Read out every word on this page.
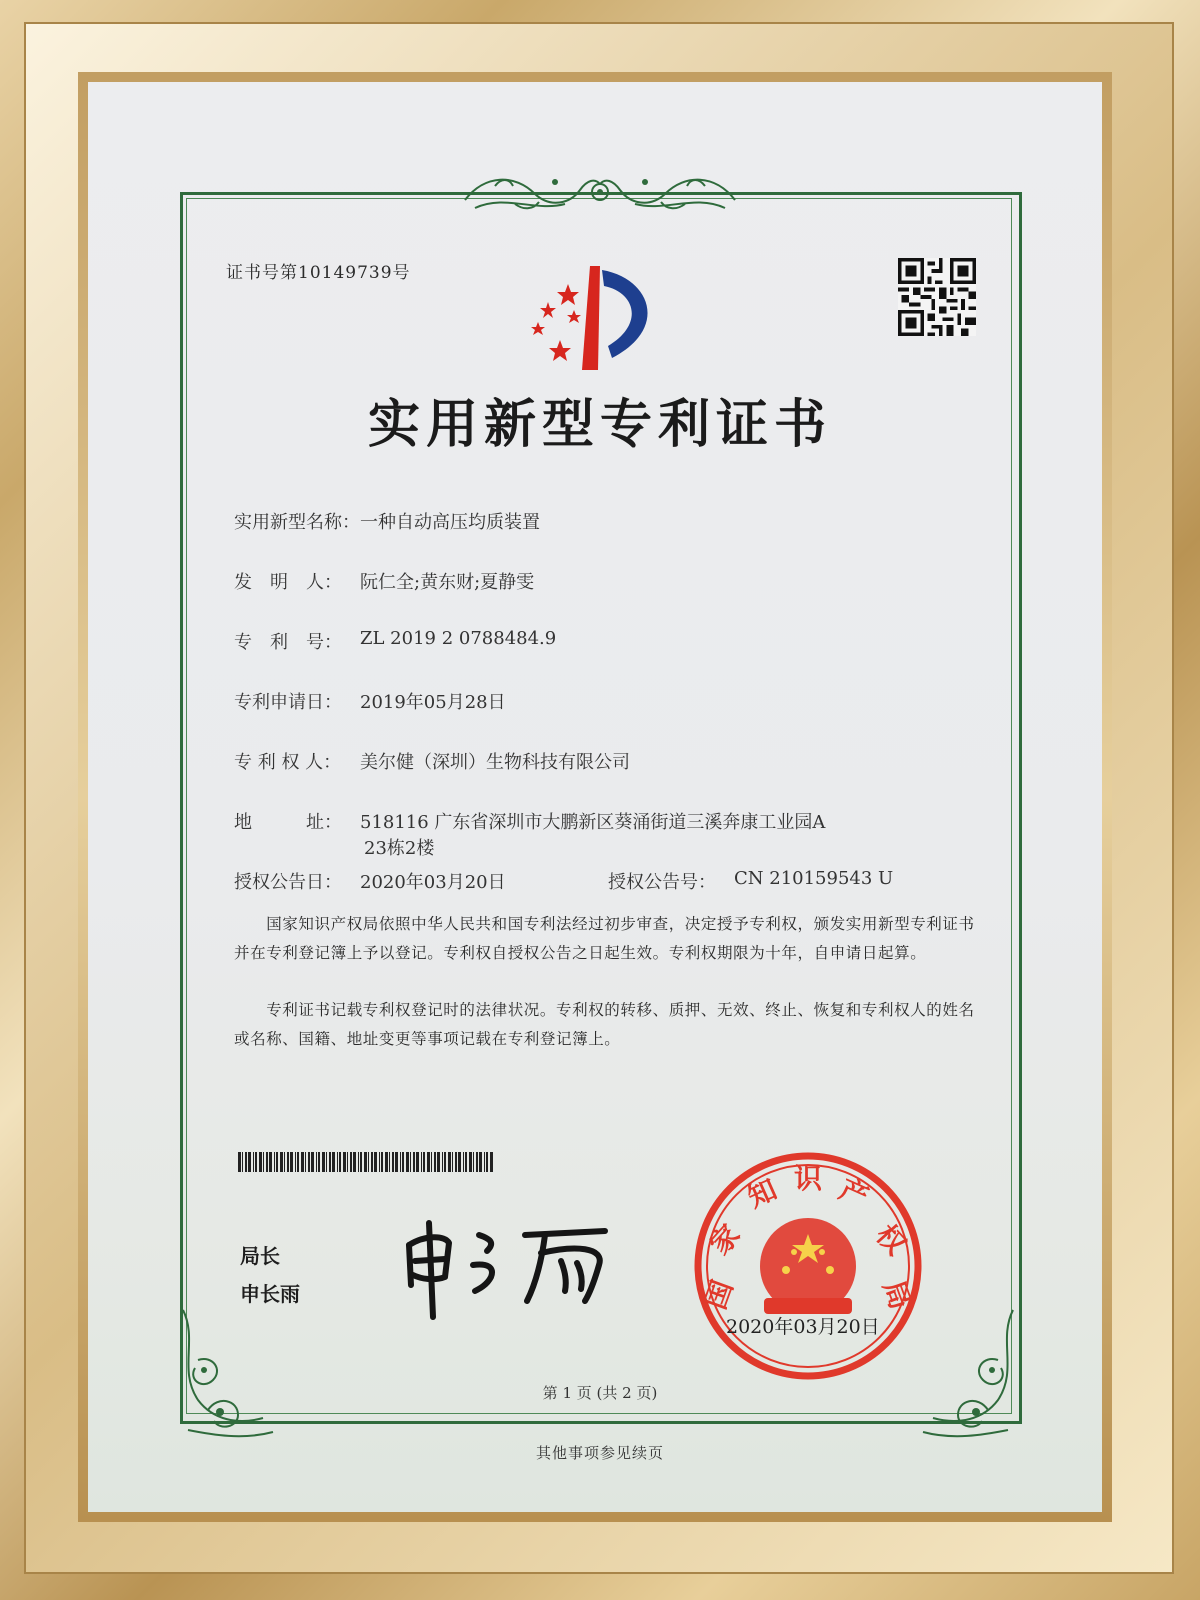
证书号第10149739号
实用新型专利证书
实用新型名称：一种自动高压均质装置
发　明　人： 阮仁全;黄东财;夏静雯
专　利　号： ZL 2019 2 0788484.9
专利申请日： 2019年05月28日
专 利 权 人： 美尔健（深圳）生物科技有限公司
地　　　址： 518116 广东省深圳市大鹏新区葵涌街道三溪奔康工业园A
23栋2楼
授权公告日： 2020年03月20日	授权公告号： CN 210159543 U
　　国家知识产权局依照中华人民共和国专利法经过初步审查，决定授予专利权，颁发实用新型专利证书并在专利登记簿上予以登记。专利权自授权公告之日起生效。专利权期限为十年，自申请日起算。
　　专利证书记载专利权登记时的法律状况。专利权的转移、质押、无效、终止、恢复和专利权人的姓名或名称、国籍、地址变更等事项记载在专利登记簿上。
局长
申长雨	国
家
知 识 产
权
局
2020年03月20日
第 1 页 (共 2 页)
其他事项参见续页
